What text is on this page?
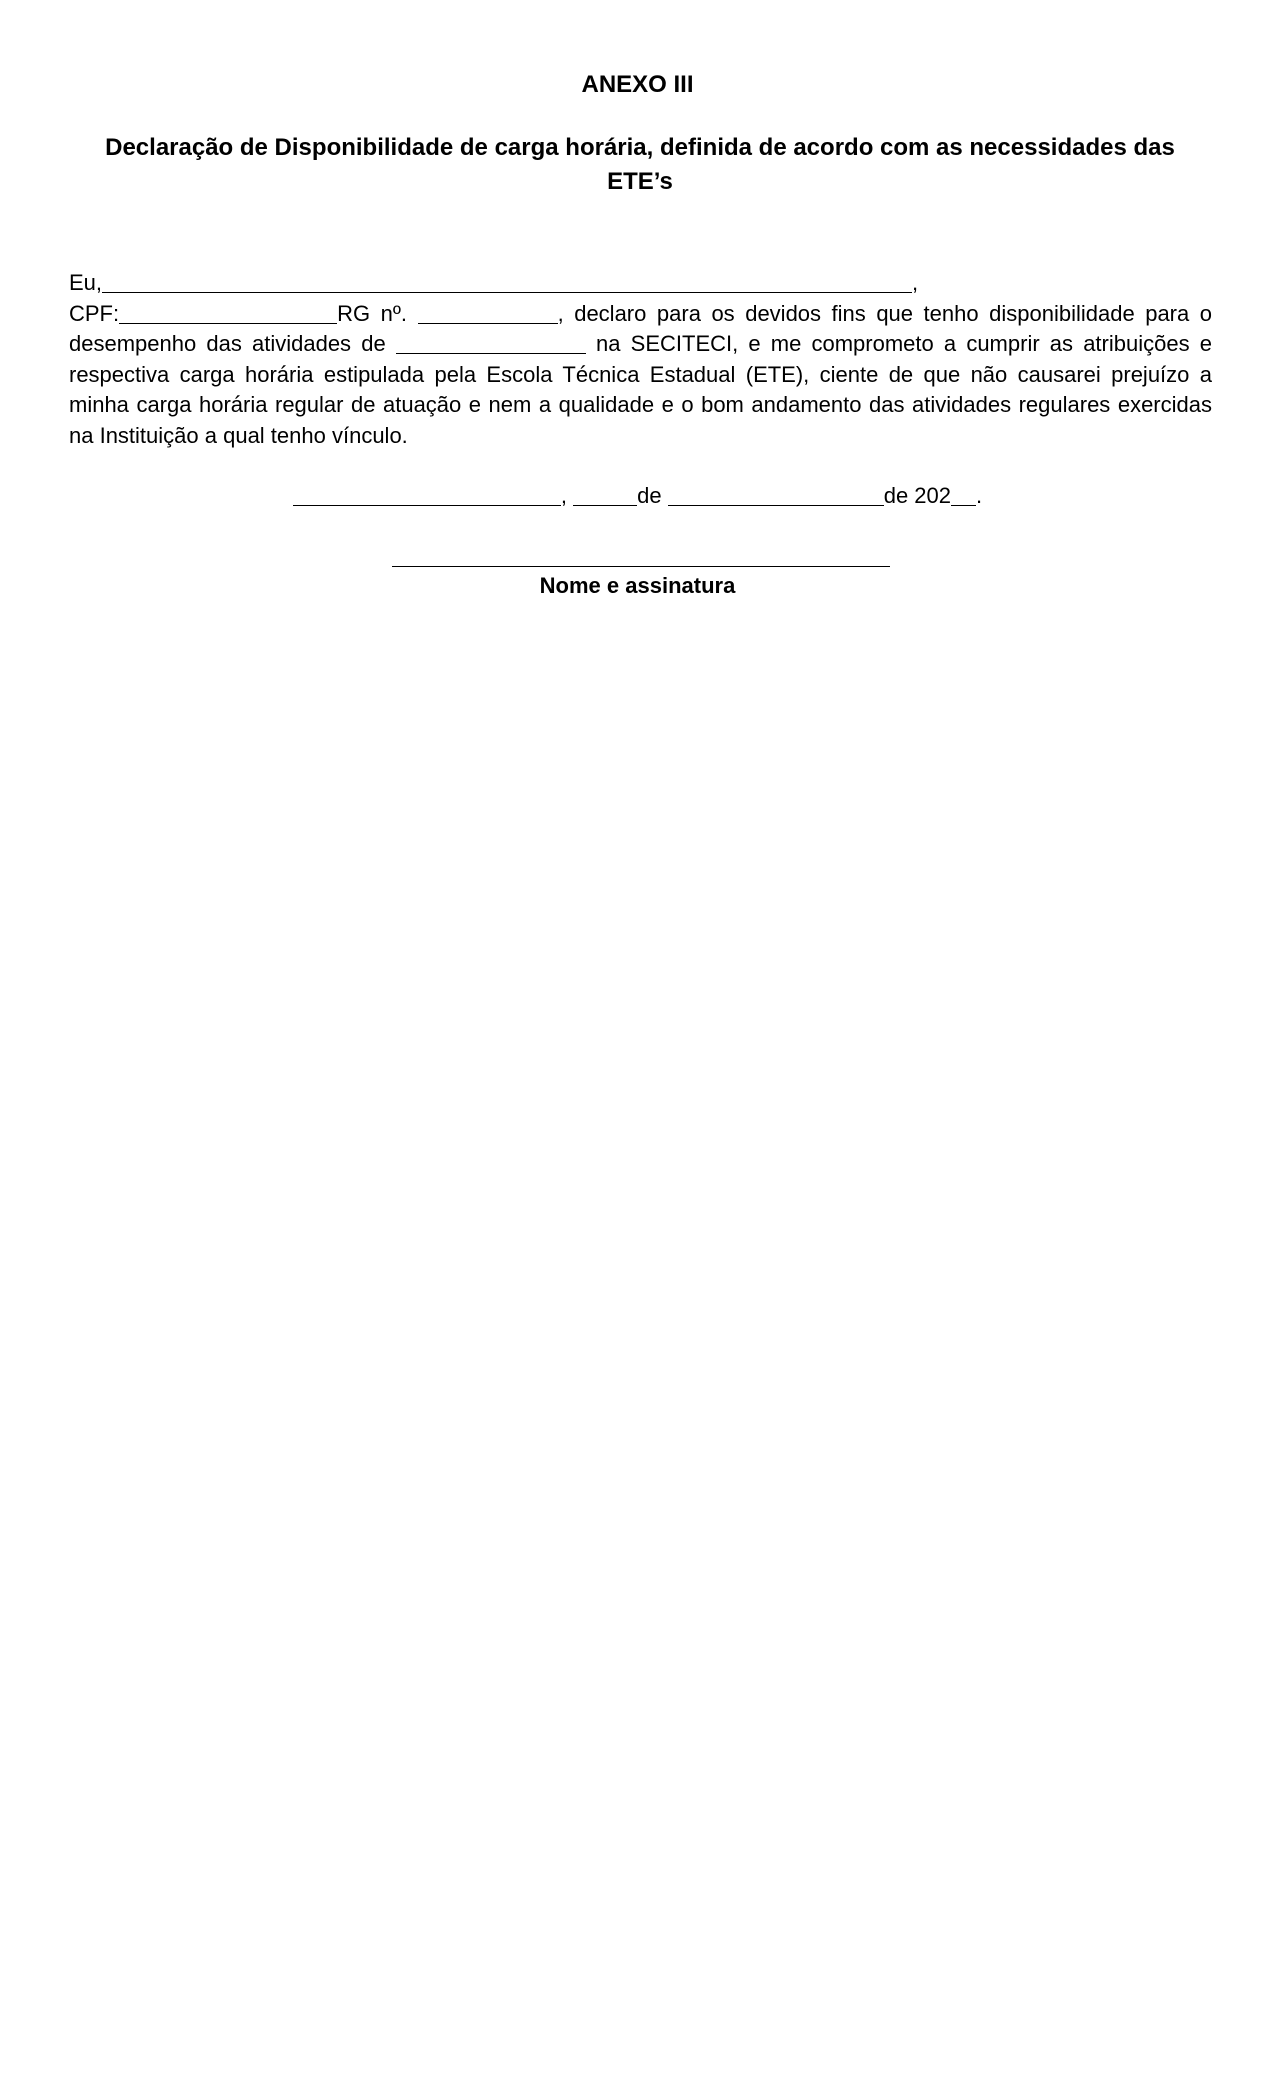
ANEXO III
Declaração de Disponibilidade de carga horária, definida de acordo com as necessidades das ETE’s
Eu,	,
CPF:	RG nº.	, declaro para os devidos fins que tenho disponibilidade para o
desempenho das atividades de	na SECITECI, e me comprometo a cumprir as atribuições e
respectiva carga horária estipulada pela Escola Técnica Estadual (ETE), ciente de que não causarei prejuízo a
minha carga horária regular de atuação e nem a qualidade e o bom andamento das atividades regulares exercidas
na Instituição a qual tenho vínculo.
,	de	de 202 .
Nome e assinatura
